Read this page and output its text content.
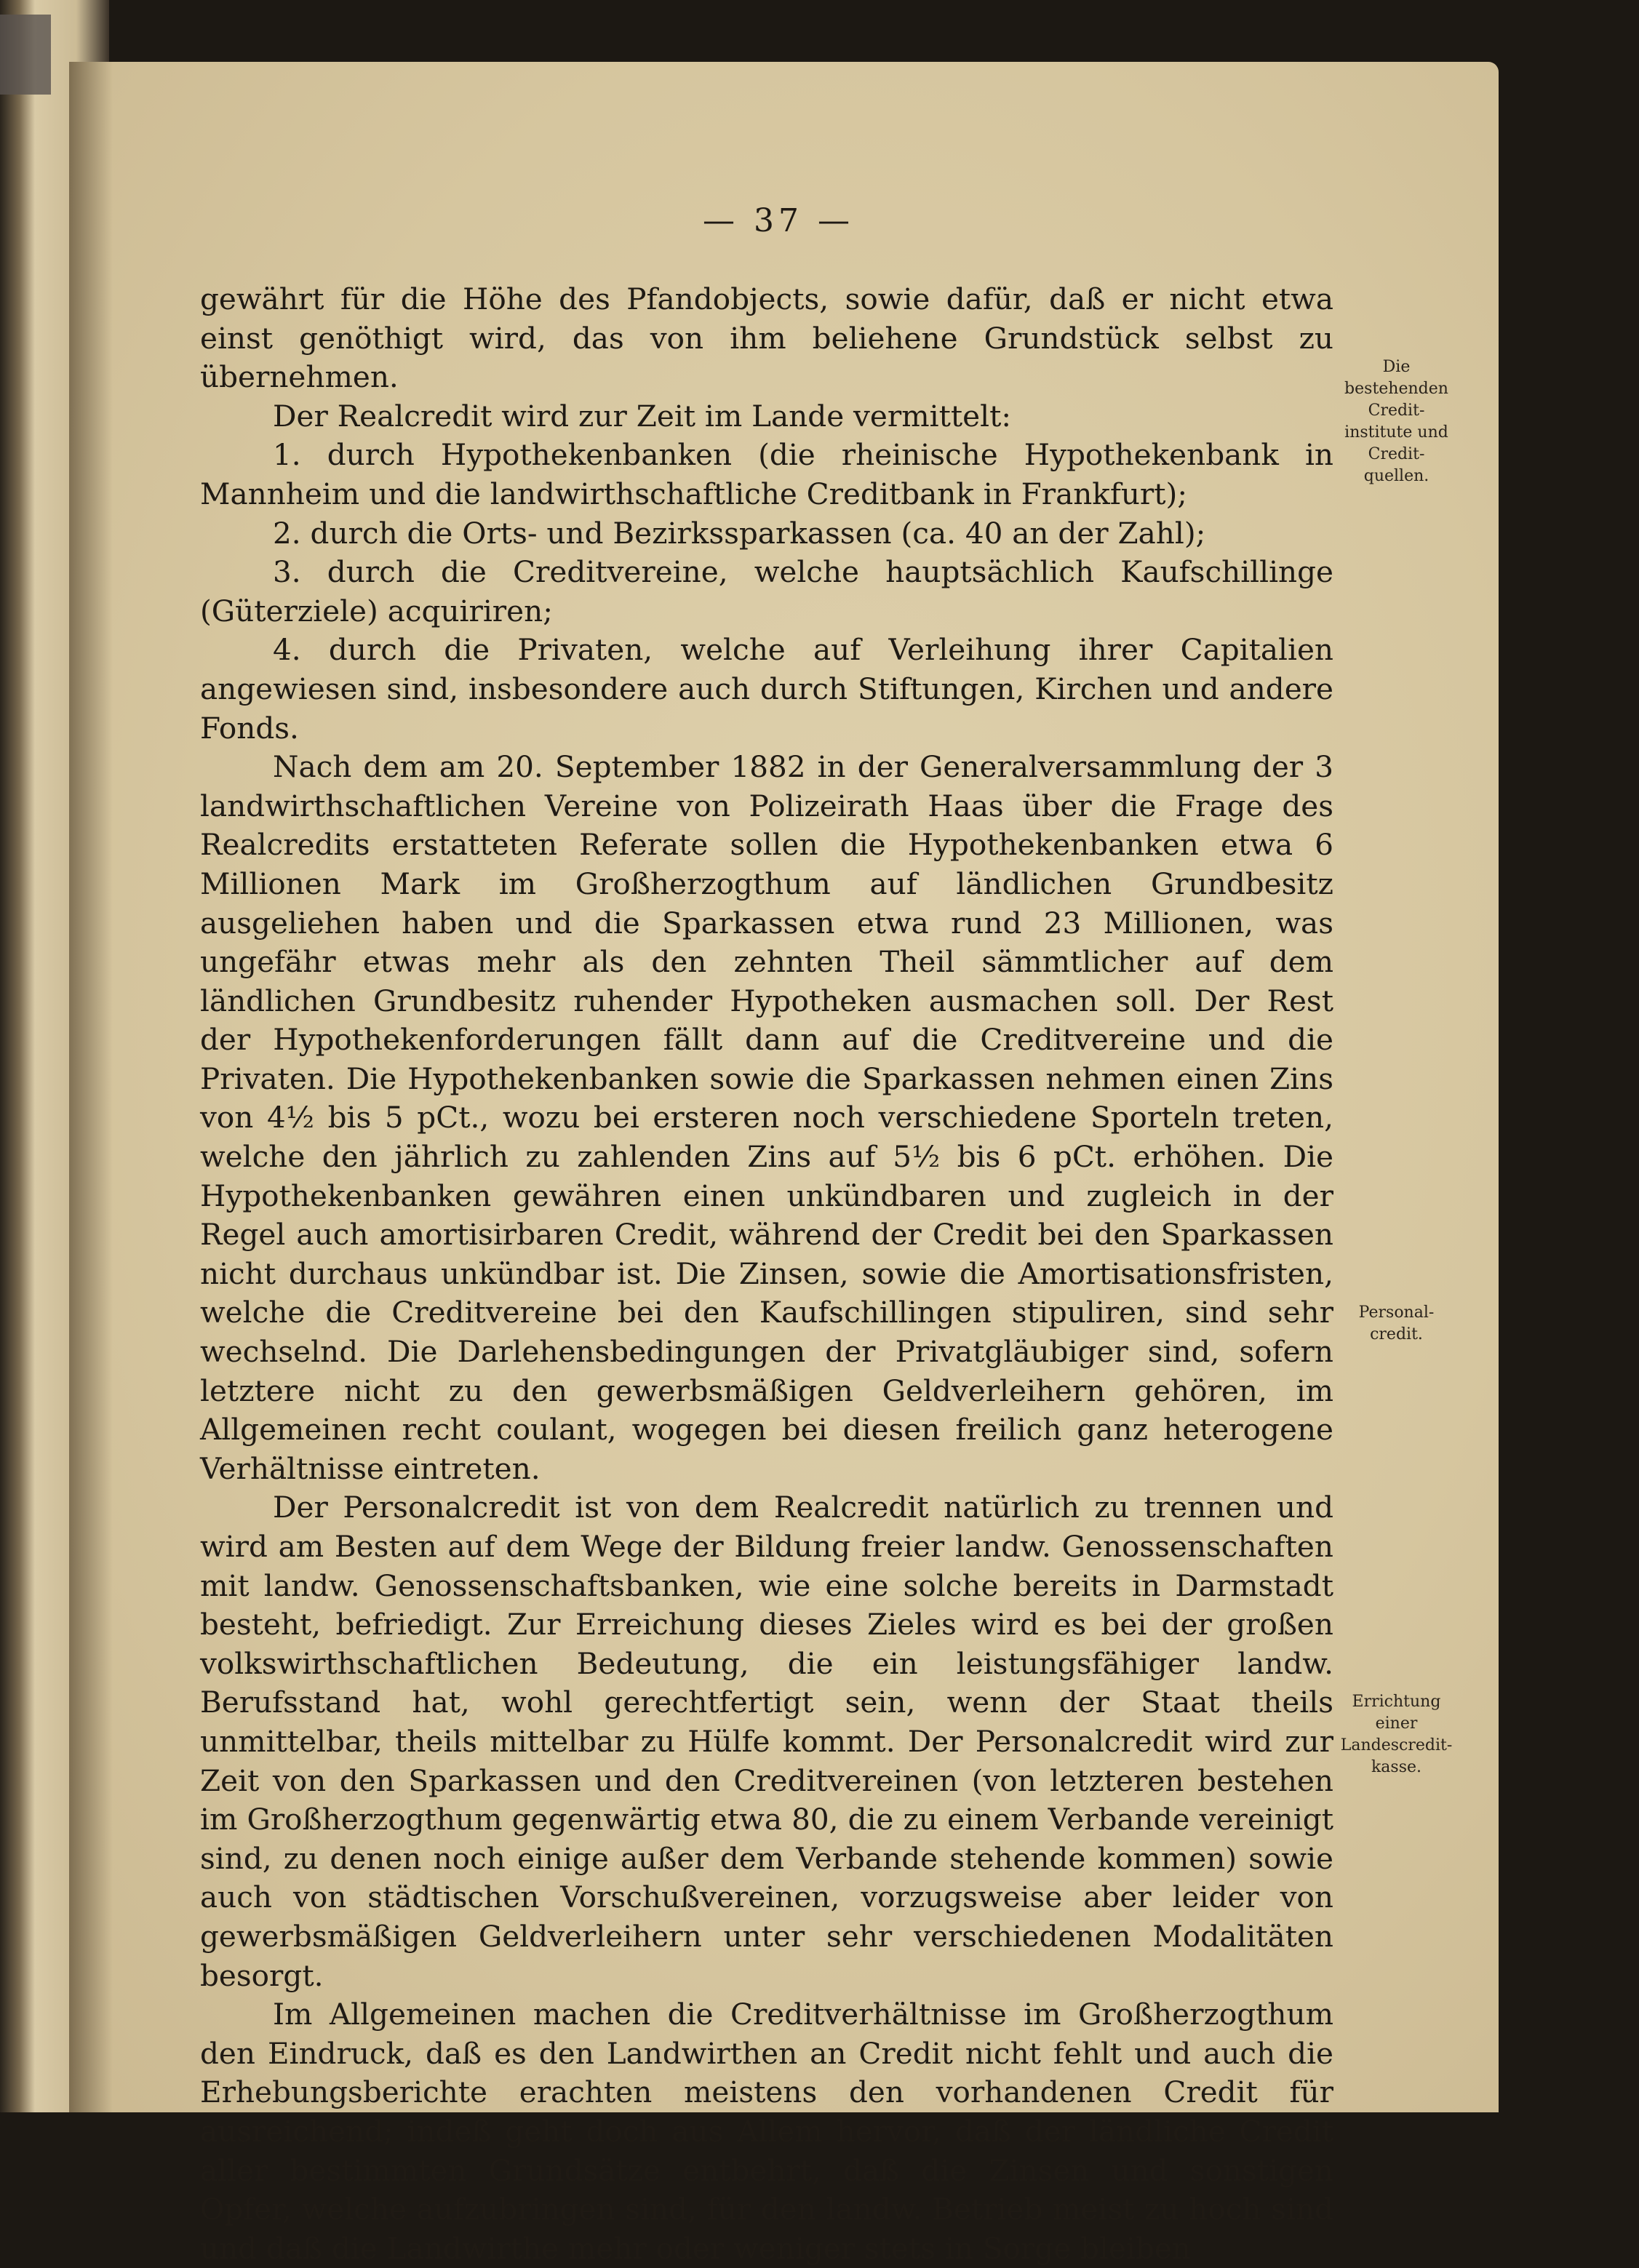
— 37 —

gewährt für die Höhe des Pfandobjects, sowie dafür, daß er nicht etwa einst genöthigt wird, das von ihm beliehene Grundstück selbst zu übernehmen.

Der Realcredit wird zur Zeit im Lande vermittelt:

1. durch Hypothekenbanken (die rheinische Hypothekenbank in Mannheim und die landwirthschaftliche Creditbank in Frankfurt);

2. durch die Orts- und Bezirkssparkassen (ca. 40 an der Zahl);

3. durch die Creditvereine, welche hauptsächlich Kaufschillinge (Güterziele) acquiriren;

4. durch die Privaten, welche auf Verleihung ihrer Capitalien angewiesen sind, insbesondere auch durch Stiftungen, Kirchen und andere Fonds.

Nach dem am 20. September 1882 in der Generalversammlung der 3 landwirthschaftlichen Vereine von Polizeirath Haas über die Frage des Realcredits erstatteten Referate sollen die Hypothekenbanken etwa 6 Millionen Mark im Großherzogthum auf ländlichen Grundbesitz ausgeliehen haben und die Sparkassen etwa rund 23 Millionen, was ungefähr etwas mehr als den zehnten Theil sämmtlicher auf dem ländlichen Grundbesitz ruhender Hypotheken ausmachen soll. Der Rest der Hypothekenforderungen fällt dann auf die Creditvereine und die Privaten. Die Hypothekenbanken sowie die Sparkassen nehmen einen Zins von 4½ bis 5 pCt., wozu bei ersteren noch verschiedene Sporteln treten, welche den jährlich zu zahlenden Zins auf 5½ bis 6 pCt. erhöhen. Die Hypothekenbanken gewähren einen unkündbaren und zugleich in der Regel auch amortisirbaren Credit, während der Credit bei den Sparkassen nicht durchaus unkündbar ist. Die Zinsen, sowie die Amortisationsfristen, welche die Creditvereine bei den Kaufschillingen stipuliren, sind sehr wechselnd. Die Darlehensbedingungen der Privatgläubiger sind, sofern letztere nicht zu den gewerbsmäßigen Geldverleihern gehören, im Allgemeinen recht coulant, wogegen bei diesen freilich ganz heterogene Verhältnisse eintreten.

Der Personalcredit ist von dem Realcredit natürlich zu trennen und wird am Besten auf dem Wege der Bildung freier landw. Genossenschaften mit landw. Genossenschaftsbanken, wie eine solche bereits in Darmstadt besteht, befriedigt. Zur Erreichung dieses Zieles wird es bei der großen volkswirthschaftlichen Bedeutung, die ein leistungsfähiger landw. Berufsstand hat, wohl gerechtfertigt sein, wenn der Staat theils unmittelbar, theils mittelbar zu Hülfe kommt. Der Personalcredit wird zur Zeit von den Sparkassen und den Creditvereinen (von letzteren bestehen im Großherzogthum gegenwärtig etwa 80, die zu einem Verbande vereinigt sind, zu denen noch einige außer dem Verbande stehende kommen) sowie auch von städtischen Vorschußvereinen, vorzugsweise aber leider von gewerbsmäßigen Geldverleihern unter sehr verschiedenen Modalitäten besorgt.

Im Allgemeinen machen die Creditverhältnisse im Großherzogthum den Eindruck, daß es den Landwirthen an Credit nicht fehlt und auch die Erhebungsberichte erachten meistens den vorhandenen Credit für ausreichend; indeß geht doch aus Allem hervor, daß der ländliche Credit aller bestimmten Grundsätze entbehrt, daß die Zinsen und sonstigen Opfer, welche aufzubringen sind, für den landw. Betrieb meist zu hoch sind und daß die Landwirthe mehr oder weniger stets in Sorge bleiben

Die bestehenden Credit-institute und Credit-quellen.
Personal-credit.
Errichtung einer Landescredit-kasse.
